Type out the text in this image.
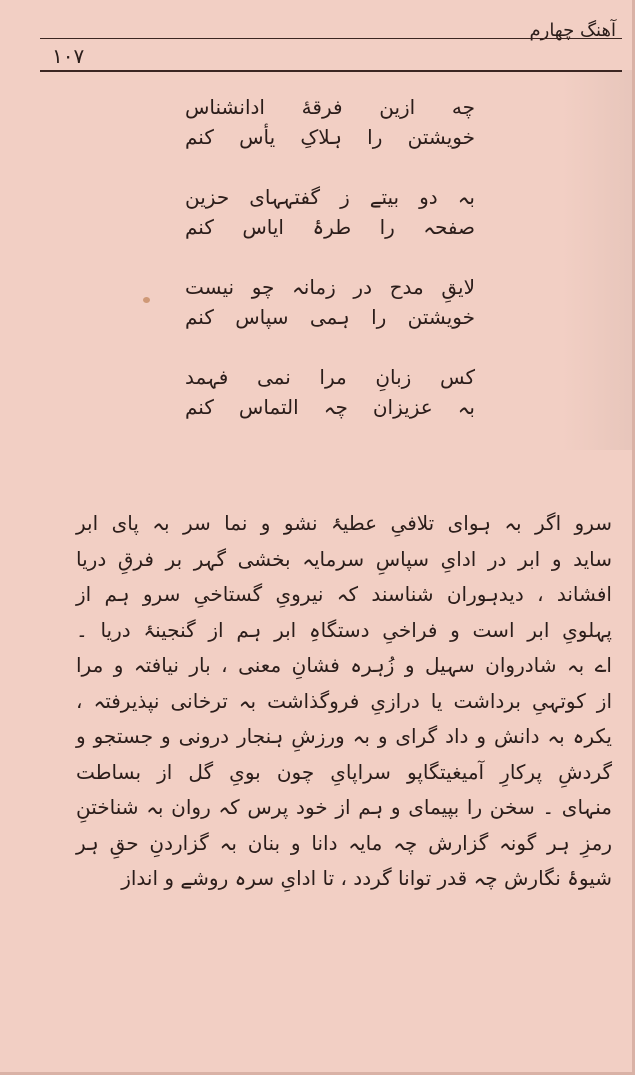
آهنگ چهارم
۱۰۷
چه ازین فرقهٔ ادانشناس
خویشتن را ہلاکِ یأس کنم
بہ دو بیتے ز گفتہہای حزین
صفحہ را طرۂ ایاس کنم
لایقِ مدح در زمانہ چو نیست
خویشتن را ہمی سپاس کنم
کس زبانِ مرا نمی فہمد
بہ عزیزان چہ التماس کنم
سرو اگر بہ ہوای تلافیِ عطیۂ نشو و نما سر بہ پای ابر
ساید و ابر در ادایِ سپاسِ سرمایہ بخشی گہر بر فرقِ دریا
افشاند ، دیدہوران شناسند کہ نیرویِ گستاخیِ سرو ہم از
پہلویِ ابر است و فراخیِ دستگاہِ ابر ہم از گنجینۂ دریا ۔
اے بہ شادروان سہیل و زُہرہ فشانِ معنی ، بار نیافتہ و مرا
از کوتہیِ برداشت یا درازیِ فروگذاشت بہ ترخانی نپذیرفتہ ،
یکرہ بہ دانش و داد گرای و بہ ورزشِ ہنجار درونی و جستجو و
گردشِ پرکارِ آمیغیتگاپو سراپایِ چون بویِ گل از بساطت
منہای ۔ سخن را بپیمای و ہم از خود پرس کہ روان بہ شناختنِ
رمزِ ہر گونہ گزارش چہ مایہ دانا و بنان بہ گزاردنِ حقِ ہر
شیوۂ نگارش چہ قدر توانا گردد ، تا ادایِ سرہ روشے و انداز
